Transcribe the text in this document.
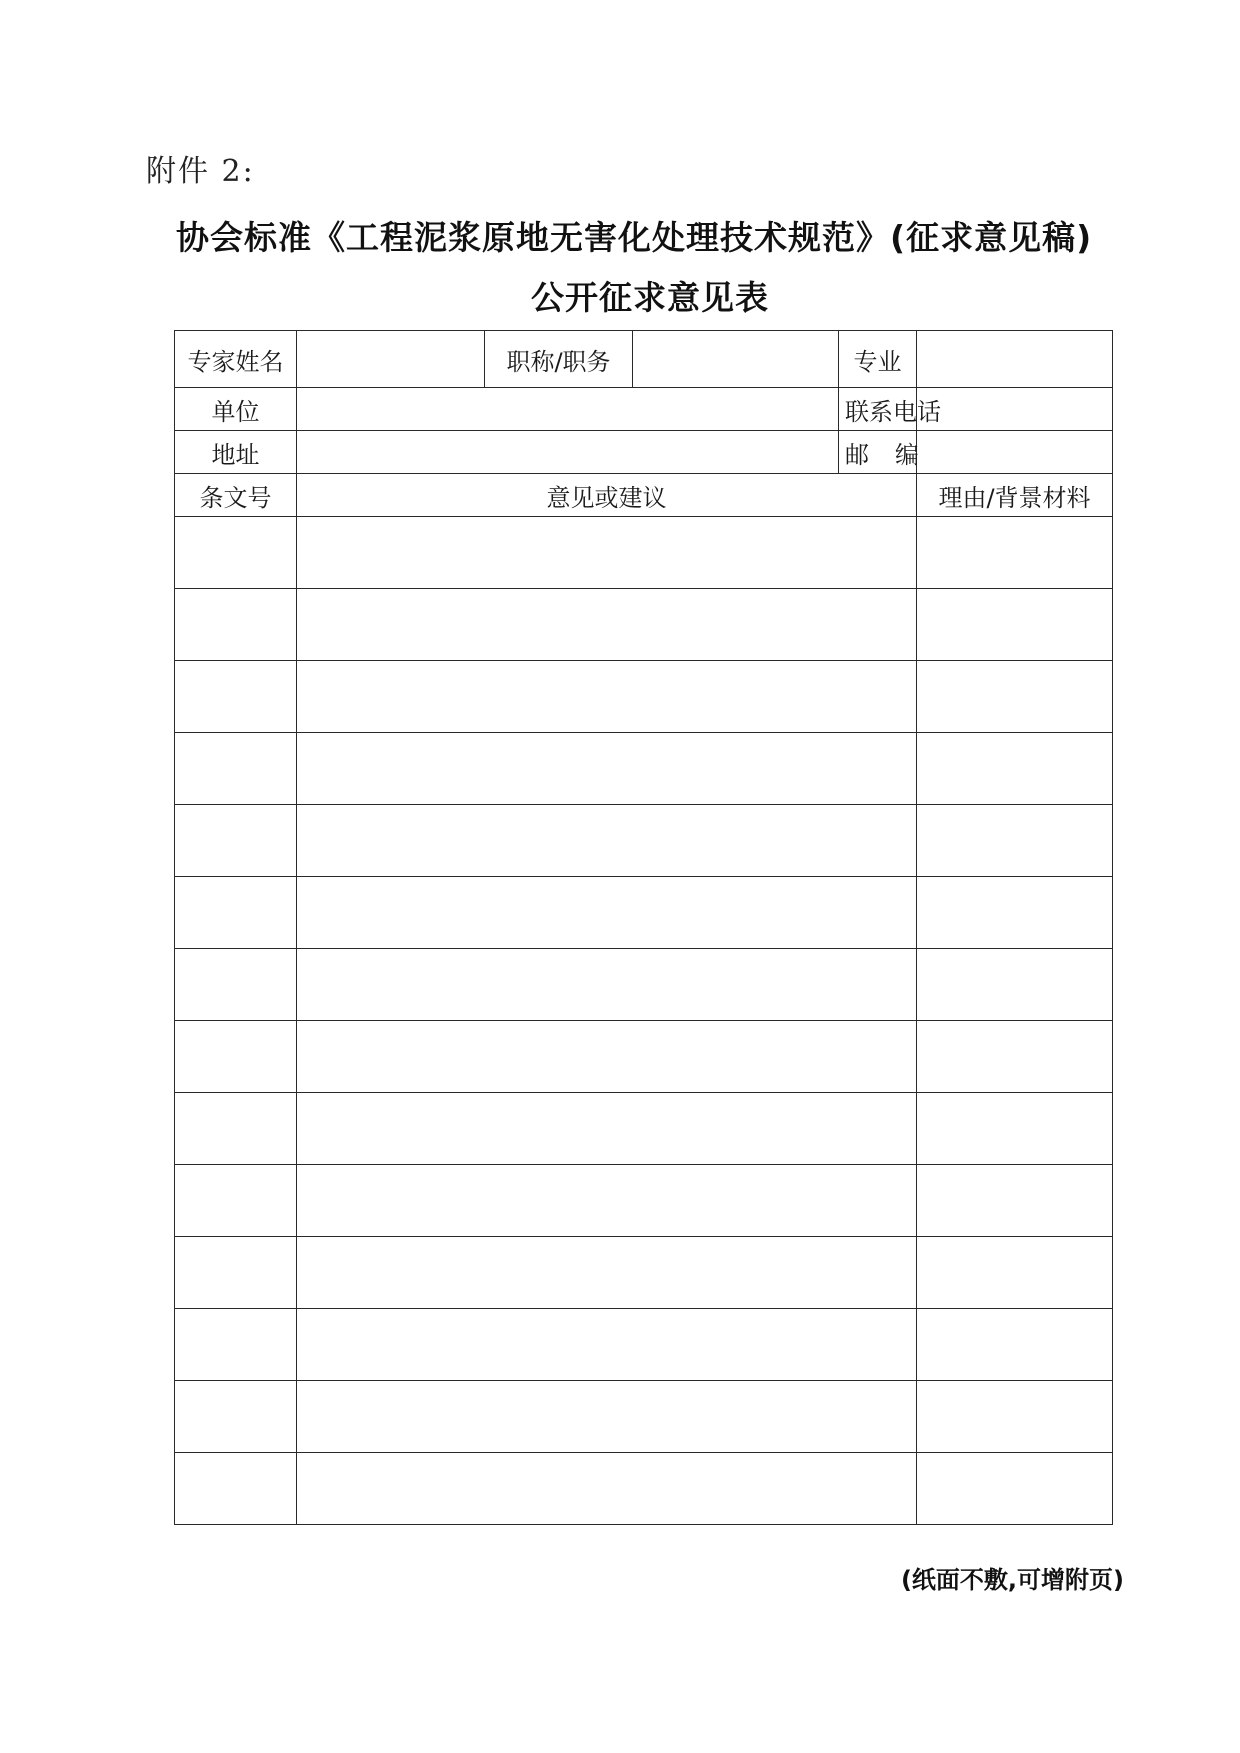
附件 2:
协会标准《工程泥浆原地无害化处理技术规范》(征求意见稿)
公开征求意见表
专家姓名		职称/职务		专业	
单位				联系电话	
地址				邮编	
条文号	意见或建议				理由/背景材料

(纸面不敷,可增附页)
